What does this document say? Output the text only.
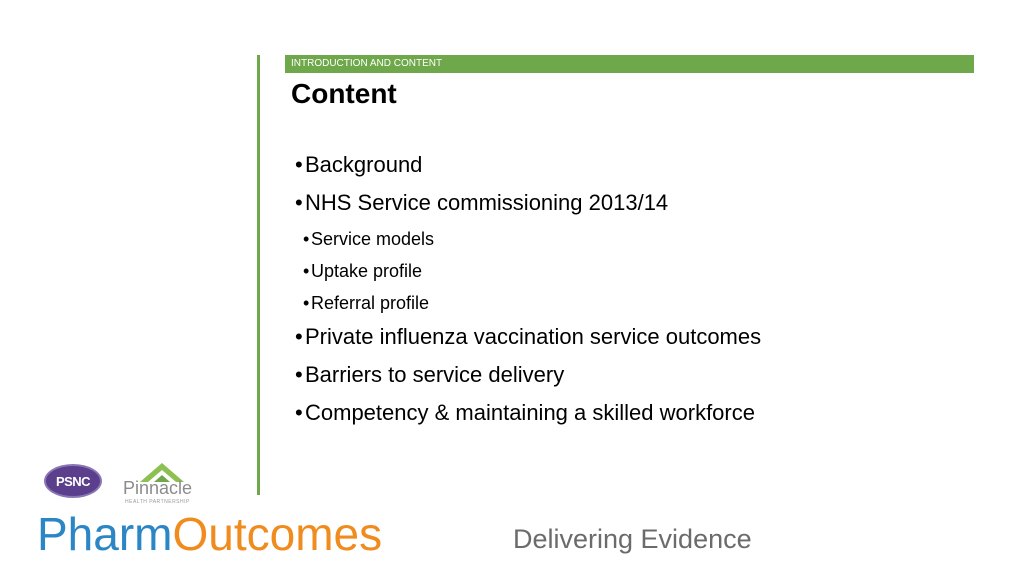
INTRODUCTION AND CONTENT
Content
• Background
• NHS Service commissioning 2013/14
•Service models
•Uptake profile
•Referral profile
• Private influenza vaccination service outcomes
• Barriers to service delivery
• Competency & maintaining a skilled workforce
PSNC Pinnacle
HEALTH PARTNERSHIP
PharmOutcomes	Delivering Evidence
